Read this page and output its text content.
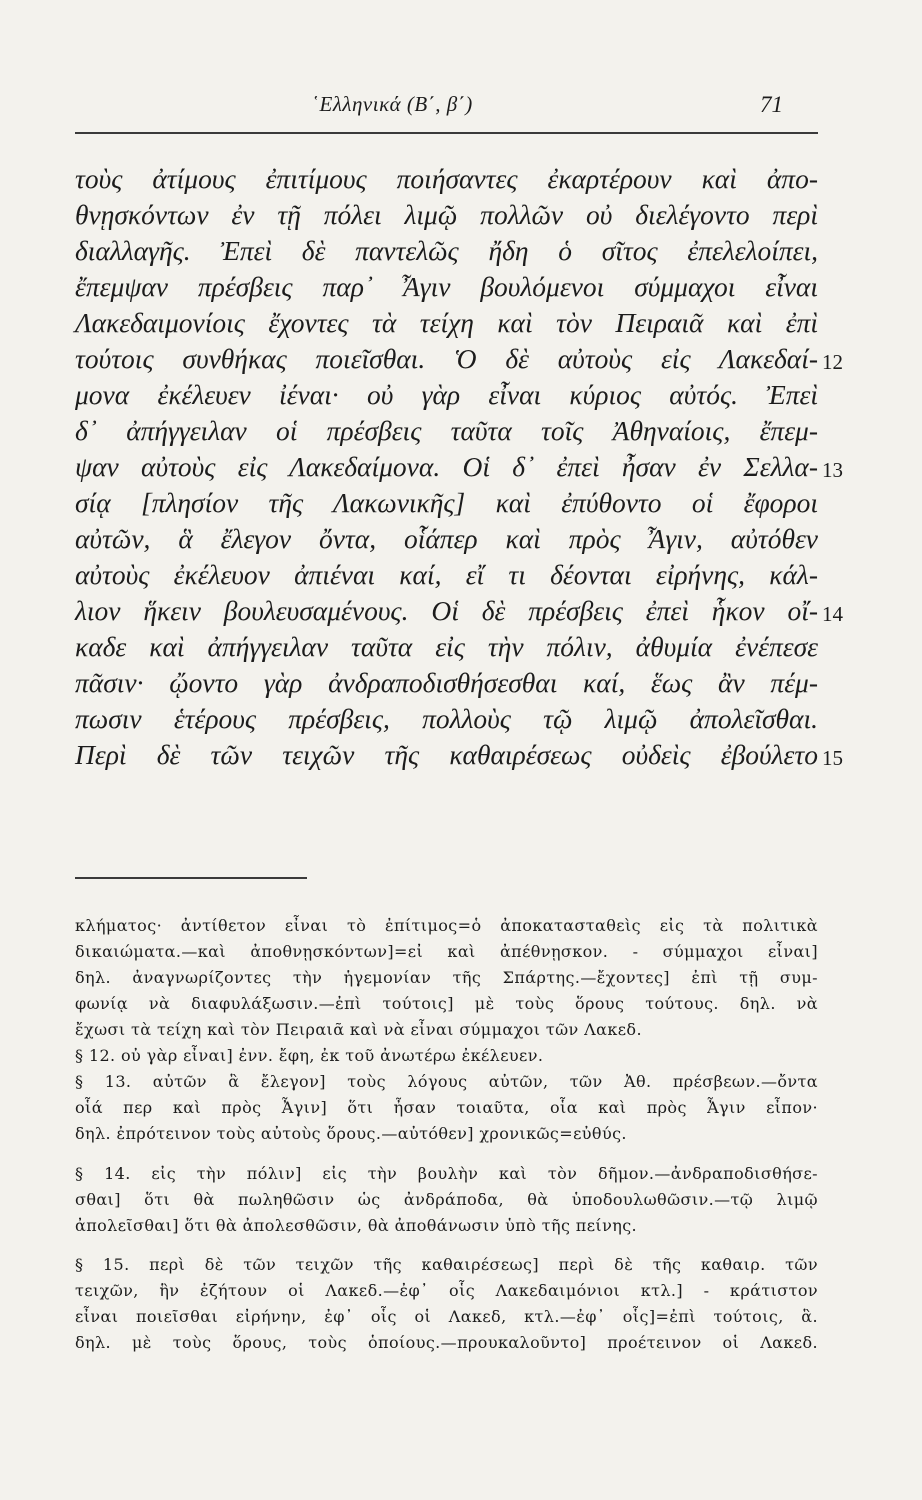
῾Ελληνικά (Β΄, β΄)	71
τοὺς ἀτίμους ἐπιτίμους ποιήσαντες ἐκαρτέρουν καὶ ἀπο-
θνῃσκόντων ἐν τῇ πόλει λιμῷ πολλῶν οὐ διελέγοντο περὶ
διαλλαγῆς. Ἐπεὶ δὲ παντελῶς ἤδη ὁ σῖτος ἐπελελοίπει,
ἔπεμψαν πρέσβεις παρ᾽ Ἆγιν βουλόμενοι σύμμαχοι εἶναι
Λακεδαιμονίοις ἔχοντες τὰ τείχη καὶ τὸν Πειραιᾶ καὶ ἐπὶ
τούτοις συνθήκας ποιεῖσθαι. Ὁ δὲ αὐτοὺς εἰς Λακεδαί-
μονα ἐκέλευεν ἰέναι· οὐ γὰρ εἶναι κύριος αὐτός. Ἐπεὶ
δ᾽ ἀπήγγειλαν οἱ πρέσβεις ταῦτα τοῖς Ἀθηναίοις, ἔπεμ-
ψαν αὐτοὺς εἰς Λακεδαίμονα. Οἱ δ᾽ ἐπεὶ ἦσαν ἐν Σελλα-
σίᾳ [πλησίον τῆς Λακωνικῆς] καὶ ἐπύθοντο οἱ ἔφοροι
αὐτῶν, ἃ ἔλεγον ὄντα, οἷάπερ καὶ πρὸς Ἆγιν, αὐτόθεν
αὐτοὺς ἐκέλευον ἀπιέναι καί, εἴ τι δέονται εἰρήνης, κάλ-
λιον ἥκειν βουλευσαμένους. Οἱ δὲ πρέσβεις ἐπεὶ ἧκον οἴ-
καδε καὶ ἀπήγγειλαν ταῦτα εἰς τὴν πόλιν, ἀθυμία ἐνέπεσε
πᾶσιν· ᾤοντο γὰρ ἀνδραποδισθήσεσθαι καί, ἕως ἂν πέμ-
πωσιν ἑτέρους πρέσβεις, πολλοὺς τῷ λιμῷ ἀπολεῖσθαι.
Περὶ δὲ τῶν τειχῶν τῆς καθαιρέσεως οὐδεὶς ἐβούλετο
12
13
14
15
κλήματος· ἀντίθετον εἶναι τὸ ἐπίτιμος=ὁ ἀποκατασταθεὶς εἰς τὰ πολιτικὰ
δικαιώματα.—καὶ ἀποθνῃσκόντων]=εἰ καὶ ἀπέθνῃσκον. - σύμμαχοι εἶναι]
δηλ. ἀναγνωρίζοντες τὴν ἡγεμονίαν τῆς Σπάρτης.—ἔχοντες] ἐπὶ τῇ συμ-
φωνίᾳ νὰ διαφυλάξωσιν.—ἐπὶ τούτοις] μὲ τοὺς ὅρους τούτους. δηλ. νὰ
ἔχωσι τὰ τείχη καὶ τὸν Πειραιᾶ καὶ νὰ εἶναι σύμμαχοι τῶν Λακεδ.
§ 12. οὐ γὰρ εἶναι] ἐνν. ἔφη, ἐκ τοῦ ἀνωτέρω ἐκέλευεν.
§ 13. αὐτῶν ἃ ἔλεγον] τοὺς λόγους αὐτῶν, τῶν Ἀθ. πρέσβεων.—ὄντα
οἷά περ καὶ πρὸς Ἆγιν] ὅτι ἦσαν τοιαῦτα, οἷα καὶ πρὸς Ἆγιν εἶπον·
δηλ. ἐπρότεινον τοὺς αὐτοὺς ὅρους.—αὐτόθεν] χρονικῶς=εὐθύς.
§ 14. εἰς τὴν πόλιν] εἰς τὴν βουλὴν καὶ τὸν δῆμον.—ἀνδραποδισθήσε-
σθαι] ὅτι θὰ πωληθῶσιν ὡς ἀνδράποδα, θὰ ὑποδουλωθῶσιν.—τῷ λιμῷ
ἀπολεῖσθαι] ὅτι θὰ ἀπολεσθῶσιν, θὰ ἀποθάνωσιν ὑπὸ τῆς πείνης.
§ 15. περὶ δὲ τῶν τειχῶν τῆς καθαιρέσεως] περὶ δὲ τῆς καθαιρ. τῶν
τειχῶν, ἣν ἐζήτουν οἱ Λακεδ.—ἐφ᾽ οἷς Λακεδαιμόνιοι κτλ.] - κράτιστον
εἶναι ποιεῖσθαι εἰρήνην, ἐφ᾽ οἷς οἱ Λακεδ, κτλ.—ἐφ᾽ οἷς]=ἐπὶ τούτοις, ἃ.
δηλ. μὲ τοὺς ὅρους, τοὺς ὁποίους.—προυκαλοῦντο] προέτεινον οἱ Λακεδ.
